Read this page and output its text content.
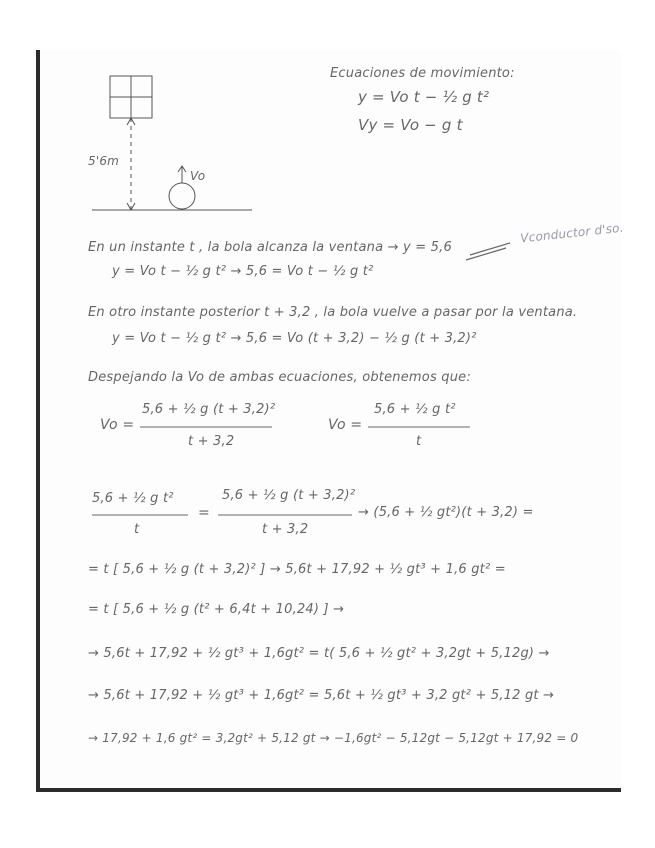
5'6m
Vo
Ecuaciones de movimiento:
y = Vo t − ½ g t²
Vy = Vo − g t
Vconductor d'so.
En un instante t , la bola alcanza la ventana → y = 5,6
y = Vo t − ½ g t² → 5,6 = Vo t − ½ g t²
En otro instante posterior t + 3,2 , la bola vuelve a pasar por la ventana.
y = Vo t − ½ g t² → 5,6 = Vo (t + 3,2) − ½ g (t + 3,2)²
Despejando la Vo de ambas ecuaciones, obtenemos que:
Vo =
5,6 + ½ g (t + 3,2)²
t + 3,2
Vo =
5,6 + ½ g t²
t
5,6 + ½ g t²
t
=
5,6 + ½ g (t + 3,2)²
t + 3,2
→ (5,6 + ½ gt²)(t + 3,2) =
= t [ 5,6 + ½ g (t + 3,2)² ] → 5,6t + 17,92 + ½ gt³ + 1,6 gt² =
= t [ 5,6 + ½ g (t² + 6,4t + 10,24) ] →
→ 5,6t + 17,92 + ½ gt³ + 1,6gt² = t( 5,6 + ½ gt² + 3,2gt + 5,12g) →
→ 5,6t + 17,92 + ½ gt³ + 1,6gt² = 5,6t + ½ gt³ + 3,2 gt² + 5,12 gt →
→ 17,92 + 1,6 gt² = 3,2gt² + 5,12 gt → −1,6gt² − 5,12gt − 5,12gt + 17,92 = 0
